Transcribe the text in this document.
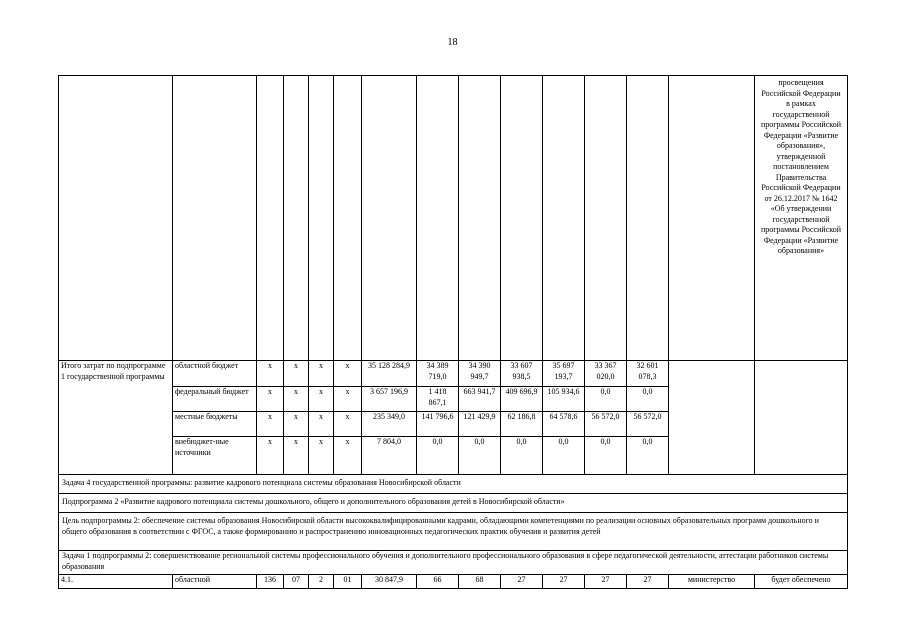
18
														просвещения Российской Федерации в рамках государственной программы Российской Федерации «Развитие образования», утвержденной постановлением Правительства Российской Федерации от 26.12.2017 № 1642 «Об утверждении государственной программы Российской Федерации «Развитие образования»
Итого затрат по подпрограмме 1 государственной программы	областной бюджет	x	x	x	x	35 128 284,9	34 389 719,0	34 390 949,7	33 607 938,5	35 697 193,7	33 367 020,0	32 601 078,3		
	федеральный бюджет	x	x	x	x	3 657 196,9	1 418 867,1	663 941,7	409 696,9	105 934,6	0,0	0,0		
	местные бюджеты	x	x	x	x	235 349,0	141 796,6	121 429,9	62 186,8	64 578,6	56 572,0	56 572,0		
	внебюджет-ные источники	x	x	x	x	7 804,0	0,0	0,0	0,0	0,0	0,0	0,0		
Задача 4 государственной программы: развитие кадрового потенциала системы образования Новосибирской области														
Подпрограмма 2 «Развитие кадрового потенциала системы дошкольного, общего и дополнительного образования детей в Новосибирской области»														
Цель подпрограммы 2: обеспечение системы образования Новосибирской области высококвалифицированными кадрами, обладающими компетенциями по реализации основных образовательных программ дошкольного и общего образования в соответствии с ФГОС, а также формированию и распространению инновационных педагогических практик обучения и развития детей														
Задача 1 подпрограммы 2: совершенствование региональной системы профессионального обучения и дополнительного профессионального образования в сфере педагогической деятельности, аттестации работников системы образования														
4.1.	областной	136	07	2	01	30 847,9	66	68	27	27	27	27	министерство	будет обеспечено
